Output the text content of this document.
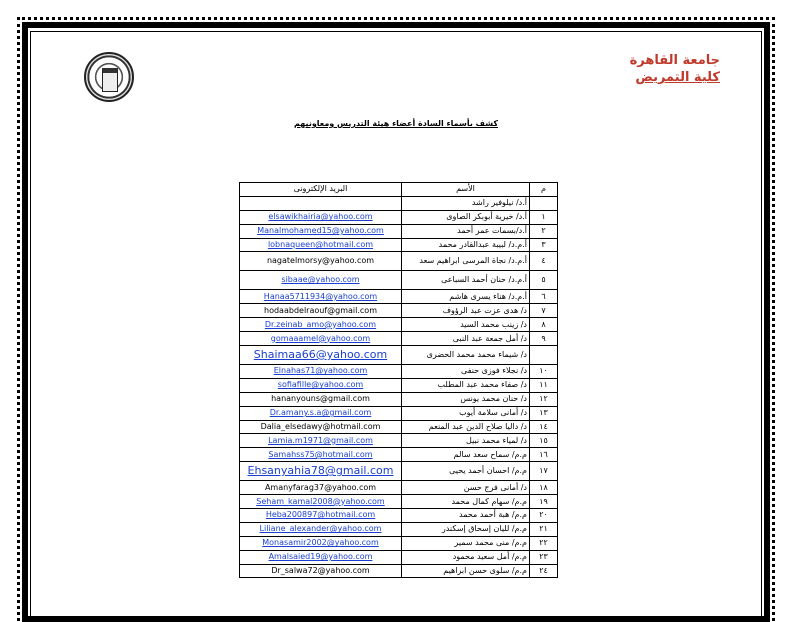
جامعة القاهرة
كلية التمريض
كشف بأسماء السادة أعضاء هيئة التدريس ومعاونيهم
البريد الإلكترونى	الأسم	م
	أ.د/ نيلوفير راشد	
elsawikhairia@yahoo.com	أ.د/ خيرية أبوبكر الصاوى	١
Manalmohamed15@yahoo.com	أ.د/بسمات عمر أحمد	٢
lobnaqueen@hotmail.com	أ.م.د/ لبيبة عبدالقادر محمد	٣
nagatelmorsy@yahoo.com	أ.م.د/ نجاة المرسى ابراهيم سعد	٤
sibaae@yahoo.com	أ.م.د/ حنان أحمد السباعى	٥
Hanaa5711934@yahoo.com	أ.م.د/ هناء يسرى هاشم	٦
hodaabdelraouf@gmail.com	د/ هدى عزت عبد الرؤوف	٧
Dr.zeinab_amo@yahoo.com	د/ زينب محمد السيد	٨
gomaaamel@yahoo.com	د/ أمل جمعة عبد النبى	٩
Shaimaa66@yahoo.com	د/ شيماء محمد محمد الحضرى	
Elnahas71@yahoo.com	د/ نجلاء فوزى حنفى	١٠
sofiafille@yahoo.com	د/ صفاء محمد عبد المطلب	١١
hananyouns@gmail.com	د/ حنان محمد يونس	١٢
Dr.amany.s.a@gmail.com	د/ أمانى سلامة أيوب	١٣
Dalia_elsedawy@hotmail.com	د/ داليا صلاح الدين عبد المنعم	١٤
Lamia.m1971@gmail.com	د/ لمياء محمد نبيل	١٥
Samahss75@hotmail.com	م.م/ سماح سعد سالم	١٦
Ehsanyahia78@gmail.com	م.م/ احسان أحمد يحيى	١٧
Amanyfarag37@yahoo.com	د/ أمانى فرج حسن	١٨
Seham_kamal2008@yahoo.com	م.م/ سهام كمال محمد	١٩
Heba200897@hotmail.com	م.م/ هبة أحمد محمد	٢٠
Liliane_alexander@yahoo.com	م.م/ لليان إسحاق إسكندر	٢١
Monasamir2002@yahoo.com	م.م/ منى محمد سمير	٢٢
Amalsaied19@yahoo.com	م.م/ أمل سعيد محمود	٢٣
Dr_salwa72@yahoo.com	م.م/ سلوى حسن ابراهيم	٢٤
